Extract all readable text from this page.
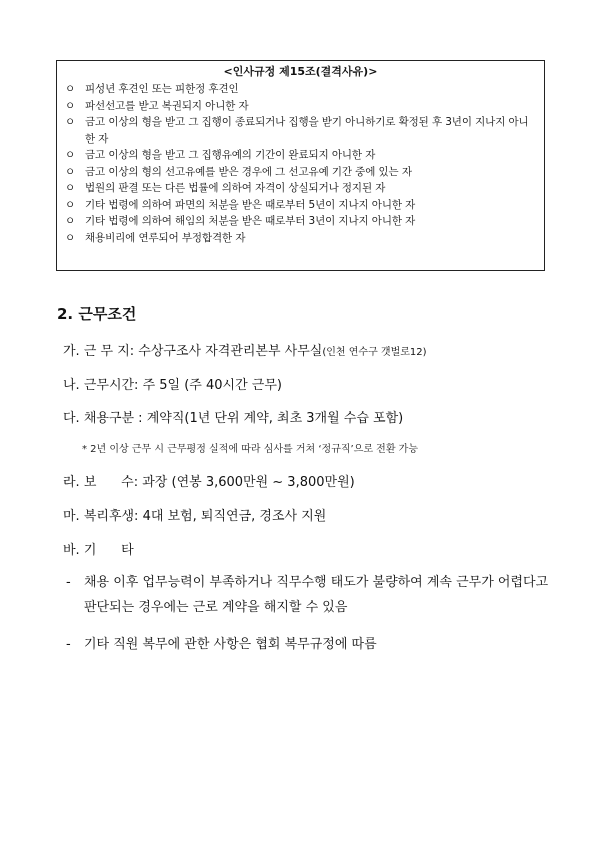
<인사규정 제15조(결격사유)>
ㅇ 피성년 후견인 또는 피한정 후견인
ㅇ 파선선고를 받고 복권되지 아니한 자
ㅇ 금고 이상의 형을 받고 그 집행이 종료되거나 집행을 받기 아니하기로 확정된 후 3년이 지나지 아니한 자
ㅇ 금고 이상의 형을 받고 그 집행유예의 기간이 완료되지 아니한 자
ㅇ 금고 이상의 형의 선고유예를 받은 경우에 그 선고유예 기간 중에 있는 자
ㅇ 법원의 판결 또는 다른 법률에 의하여 자격이 상실되거나 정지된 자
ㅇ 기타 법령에 의하여 파면의 처분을 받은 때로부터 5년이 지나지 아니한 자
ㅇ 기타 법령에 의하여 해임의 처분을 받은 때로부터 3년이 지나지 아니한 자
ㅇ 채용비리에 연루되어 부정합격한 자
2. 근무조건
가. 근 무 지: 수상구조사 자격관리본부 사무실(인천 연수구 갯벌로12)
나. 근무시간: 주 5일 (주 40시간 근무)
다. 채용구분 : 계약직(1년 단위 계약, 최초 3개월 수습 포함)
* 2년 이상 근무 시 근무평정 실적에 따라 심사를 거쳐 ‘정규직’으로 전환 가능
라. 보      수: 과장 (연봉 3,600만원 ~ 3,800만원)
마. 복리후생: 4대 보험, 퇴직연금, 경조사 지원
바. 기      타
-	채용 이후 업무능력이 부족하거나 직무수행 태도가 불량하여 계속 근무가 어렵다고 판단되는 경우에는 근로 계약을 해지할 수 있음
-	기타 직원 복무에 관한 사항은 협회 복무규정에 따름
